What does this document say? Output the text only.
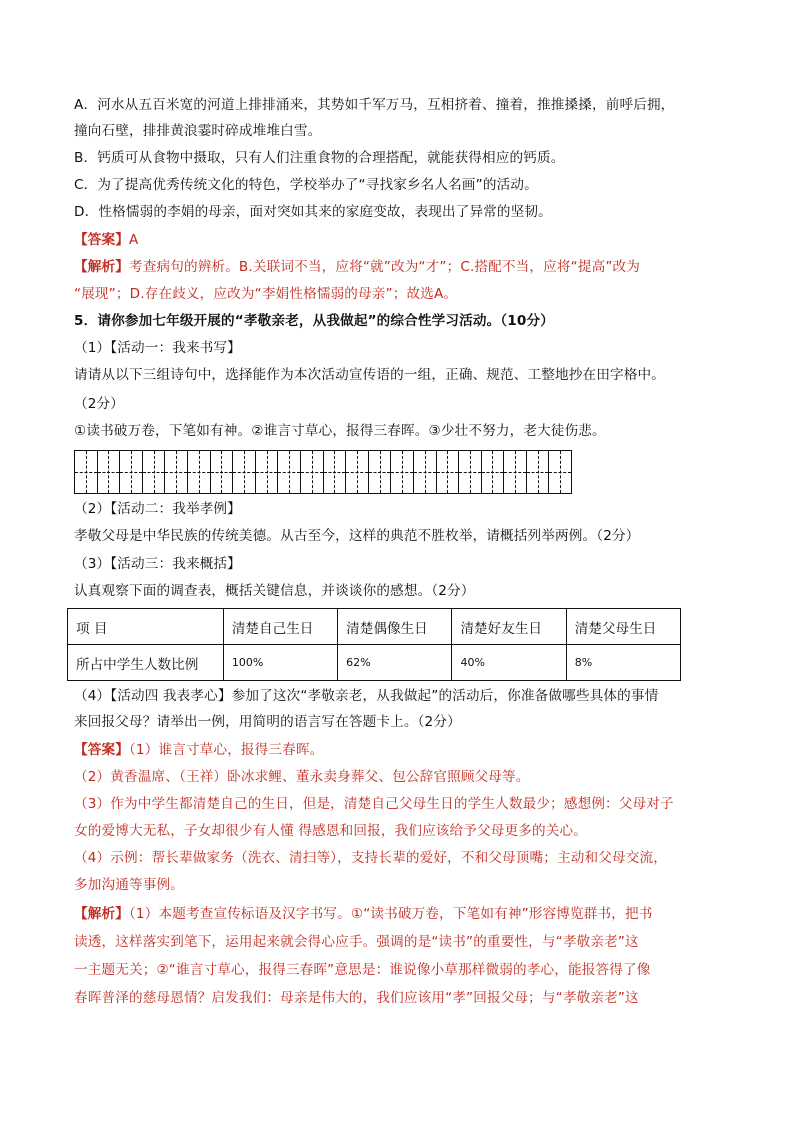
A．河水从五百米宽的河道上排排涌来，其势如千军万马，互相挤着、撞着，推推搡搡，前呼后拥，
撞向石壁，排排黄浪霎时碎成堆堆白雪。
B．钙质可从食物中摄取，只有人们注重食物的合理搭配，就能获得相应的钙质。
C．为了提高优秀传统文化的特色，学校举办了“寻找家乡名人名画”的活动。
D．性格懦弱的李娟的母亲，面对突如其来的家庭变故，表现出了异常的坚韧。
【答案】A
【解析】考查病句的辨析。B.关联词不当，应将“就”改为“才”；C.搭配不当，应将“提高”改为
“展现”；D.存在歧义，应改为“李娟性格懦弱的母亲”；故选A。
5．请你参加七年级开展的“孝敬亲老，从我做起”的综合性学习活动。（10分）
（1）【活动一：我来书写】
请请从以下三组诗句中，选择能作为本次活动宣传语的一组，正确、规范、工整地抄在田字格中。
（2分）
①读书破万卷，下笔如有神。②谁言寸草心，报得三春晖。③少壮不努力，老大徒伤悲。
（2）【活动二：我举孝例】
孝敬父母是中华民族的传统美德。从古至今，这样的典范不胜枚举，请概括列举两例。（2分）
（3）【活动三：我来概括】
认真观察下面的调查表，概括关键信息，并谈谈你的感想。（2分）
项 目	清楚自己生日	清楚偶像生日	清楚好友生日	清楚父母生日
所占中学生人数比例	100%	62%	40%	8%
（4）【活动四 我表孝心】参加了这次“孝敬亲老，从我做起”的活动后，你准备做哪些具体的事情
来回报父母？请举出一例，用简明的语言写在答题卡上。（2分）
【答案】（1）谁言寸草心，报得三春晖。
（2）黄香温席、（王祥）卧冰求鲤、董永卖身葬父、包公辞官照顾父母等。
（3）作为中学生都清楚自己的生日，但是，清楚自己父母生日的学生人数最少；感想例：父母对子
女的爱博大无私，子女却很少有人懂 得感恩和回报，我们应该给予父母更多的关心。
（4）示例：帮长辈做家务（洗衣、清扫等），支持长辈的爱好，不和父母顶嘴；主动和父母交流，
多加沟通等事例。
【解析】（1）本题考查宣传标语及汉字书写。①“读书破万卷，下笔如有神”形容博览群书，把书
读透，这样落实到笔下，运用起来就会得心应手。强调的是“读书”的重要性，与“孝敬亲老”这
一主题无关；②“谁言寸草心，报得三春晖”意思是：谁说像小草那样微弱的孝心，能报答得了像
春晖普泽的慈母恩情？启发我们：母亲是伟大的，我们应该用“孝”回报父母；与“孝敬亲老”这
